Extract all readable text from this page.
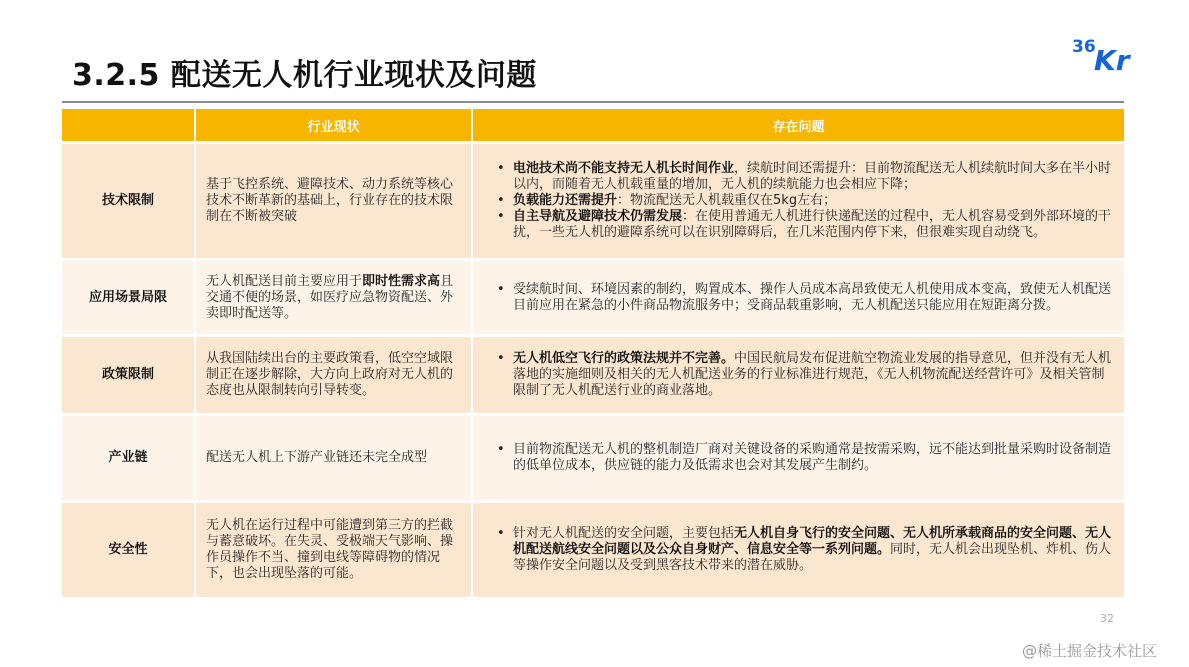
3.2.5 配送无人机行业现状及问题
36
Kr
行业现状	存在问题
技术限制
基于飞控系统、避障技术、动力系统等核心技术不断革新的基础上，行业存在的技术限制在不断被突破
• 电池技术尚不能支持无人机长时间作业，续航时间还需提升：目前物流配送无人机续航时间大多在半小时以内，而随着无人机载重量的增加，无人机的续航能力也会相应下降；
• 负载能力还需提升：物流配送无人机载重仅在5kg左右；
• 自主导航及避障技术仍需发展：在使用普通无人机进行快递配送的过程中，无人机容易受到外部环境的干扰，一些无人机的避障系统可以在识别障碍后，在几米范围内停下来，但很难实现自动绕飞。
应用场景局限
无人机配送目前主要应用于即时性需求高且交通不便的场景，如医疗应急物资配送、外卖即时配送等。
• 受续航时间、环境因素的制约，购置成本、操作人员成本高昂致使无人机使用成本变高，致使无人机配送目前应用在紧急的小件商品物流服务中；受商品载重影响，无人机配送只能应用在短距离分拨。
政策限制
从我国陆续出台的主要政策看，低空空域限制正在逐步解除，大方向上政府对无人机的态度也从限制转向引导转变。
• 无人机低空飞行的政策法规并不完善。中国民航局发布促进航空物流业发展的指导意见，但并没有无人机落地的实施细则及相关的无人机配送业务的行业标准进行规范，《无人机物流配送经营许可》及相关管制限制了无人机配送行业的商业落地。
产业链	配送无人机上下游产业链还未完全成型
• 目前物流配送无人机的整机制造厂商对关键设备的采购通常是按需采购，远不能达到批量采购时设备制造的低单位成本，供应链的能力及低需求也会对其发展产生制约。
安全性
无人机在运行过程中可能遭到第三方的拦截与蓄意破坏。在失灵、受极端天气影响、操作员操作不当、撞到电线等障碍物的情况下，也会出现坠落的可能。
• 针对无人机配送的安全问题，主要包括无人机自身飞行的安全问题、无人机所承载商品的安全问题、无人机配送航线安全问题以及公众自身财产、信息安全等一系列问题。同时，无人机会出现坠机、炸机、伤人等操作安全问题以及受到黑客技术带来的潜在威胁。
32
@稀土掘金技术社区
